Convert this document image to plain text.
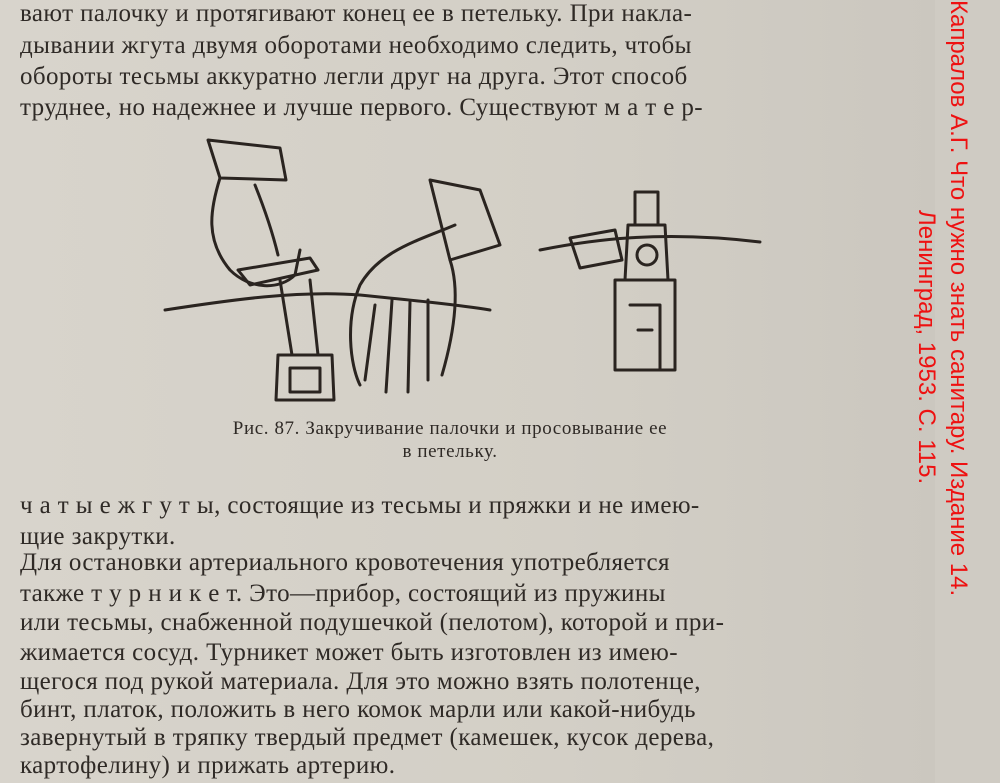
вают палочку и протягивают конец ее в петельку. При накла-
дывании жгута двумя оборотами необходимо следить, чтобы
обороты тесьмы аккуратно легли друг на друга. Этот способ
труднее, но надежнее и лучше первого. Существуют м а т е р-
Рис. 87. Закручивание палочки и просовывание ее
в петельку.
ч а т ы е ж г у т ы, состоящие из тесьмы и пряжки и не имею-
щие закрутки.
Для остановки артериального кровотечения употребляется
также т у р н и к е т. Это—прибор, состоящий из пружины
или тесьмы, снабженной подушечкой (пелотом), которой и при-
жимается сосуд. Турникет может быть изготовлен из имею-
щегося под рукой материала. Для это можно взять полотенце,
бинт, платок, положить в него комок марли или какой-нибудь
завернутый в тряпку твердый предмет (камешек, кусок дерева,
картофелину) и прижать артерию.
Капралов А.Г. Что нужно знать санитару. Издание 14.
Ленинград, 1953. С. 115.
